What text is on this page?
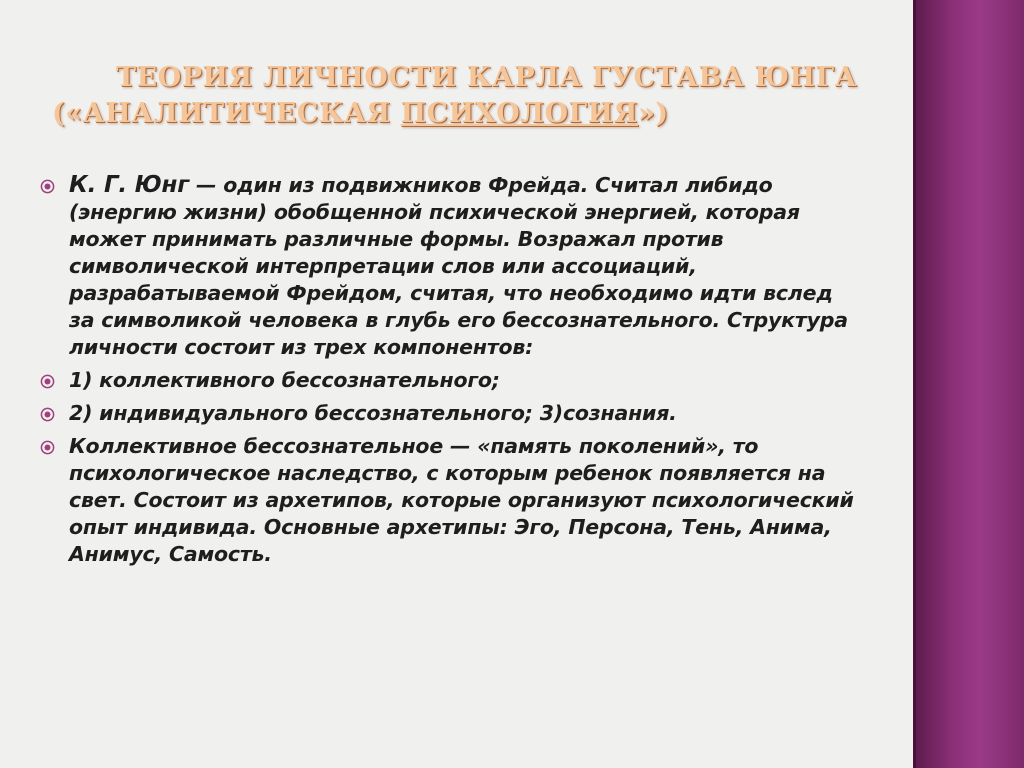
ТЕОРИЯ ЛИЧНОСТИ КАРЛА ГУСТАВА ЮНГА
(«АНАЛИТИЧЕСКАЯ ПСИХОЛОГИЯ»)
К. Г. Юнг — один из подвижников Фрейда. Считал либидо (энергию жизни) обобщенной психической энергией, которая может принимать различные формы. Возражал против символической интерпретации слов или ассоциаций, разрабатываемой Фрейдом, считая, что необходимо идти вслед за символикой человека в глубь его бессознательного. Структура личности состоит из трех компонентов:
1) коллективного бессознательного;
2) индивидуального бессознательного; 3)сознания.
Коллективное бессознательное — «память поколений», то психологическое наследство, с которым ребенок появляется на свет. Состоит из архетипов, которые организуют психологический опыт индивида. Основные архетипы: Эго, Персона, Тень, Анима, Анимус, Самость.
